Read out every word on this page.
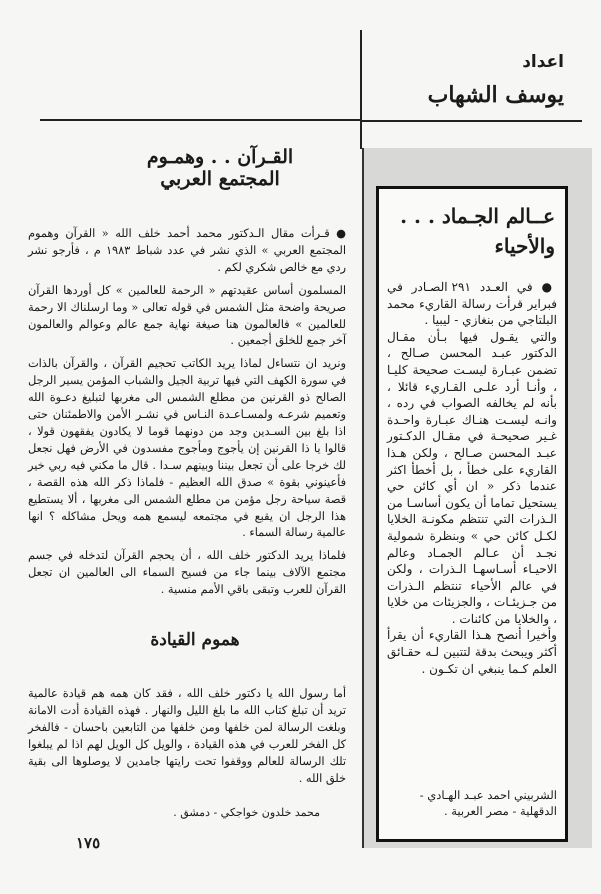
اعداد
يوسف الشهاب
القـرآن . . وهمـوم
المجتمع العربي

● قـرأت مقال الـدكتور محمد أحمد خلف الله « القرآن وهموم المجتمع العربي » الذي نشر في عدد شباط ١٩٨٣ م ، فأرجو نشر ردي مع خالص شكري لكم .

المسلمون أساس عقيدتهم « الرحمة للعالمين » كل أوردها القرآن صريحة واضحة مثل الشمس في قوله تعالى « وما ارسلناك الا رحمة للعالمين » فالعالمون هنا صيغة نهاية جمع عالم وعوالم والعالمون آخر جمع للخلق أجمعين .

ونريد ان نتساءل لماذا يريد الكاتب تحجيم القرآن ، والقرآن بالذات في سورة الكهف التي فيها تربية الجيل والشباب المؤمن يسير الرجل الصالح ذو القرنين من مطلع الشمس الى مغربها لتبليغ دعـوة الله وتعميم شرعـه ولمسـاعـدة النـاس في نشـر الأمن والاطمئنان حتى اذا بلغ بين السـدين وجد من دونهما قوما لا يكادون يفقهون قولا ، قالوا يا ذا القرنين إن يأجوج ومأجوج مفسدون في الأرض فهل نجعل لك خرجا على أن تجعل بيننا وبينهم سـدا . قال ما مكني فيه ربي خير فأعينوني بقوة » صدق الله العظيم - فلماذا ذكر الله هذه القصة ، قصة سياحة رجل مؤمن من مطلع الشمس الى مغربها ، ألا يستطيع هذا الرجل ان يقبع في مجتمعه ليسمع همه ويحل مشاكله ؟ انها عالمية رسالة السماء .

فلماذا يريد الدكتور خلف الله ، أن يحجم القرآن لتدخله في جسم مجتمع الآلاف بينما جاء من فسيح السماء الى العالمين ان تجعل القرآن للعرب وتبقى باقي الأمم منسية .

هموم القيادة
أما رسول الله يا دكتور خلف الله ، فقد كان همه هم قيادة عالمية تريد أن تبلغ كتاب الله ما بلغ الليل والنهار . فهذه القيادة أدت الامانة وبلغت الرسالة لمن خلفها ومن خلفها من التابعين باحسان - فالفخر كل الفخر للعرب في هذه القيادة ، والويل كل الويل لهم اذا لم يبلغوا تلك الرسالة للعالم ووقفوا تحت رايتها جامدين لا يوصلوها الى بقية خلق الله .
محمد خلدون خواجكي - دمشق .
١٧٥
عــالم الجـماد . . .
والأحياء
● في العـدد ٢٩١ الصـادر في فبراير قرأت رسالة القاريء محمد البلتاجي من بنغازي - ليبيا .
والتي يقـول فيها بـأن مقـال الدكتور عبـد المحسن صـالح ، تضمن عبـارة ليسـت صحيحة كليـا ، وأنـا أرد علـى القـاريء قائلا ، بأنه لم يخالفه الصواب في رده ، وانـه ليسـت هنـاك عبـارة واحـدة غـير صحيحـة في مقـال الدكـتور عبـد المحسن صـالح ، ولكن هـذا القاريء على خطأ ، بل أخطأ اكثر عندما ذكر « ان أي كائن حي يستحيل تماما أن يكون أساسـا من الـذرات التي تنتظم مكونـة الخلايا لكـل كائن حي » وبنظرة شمولية نجـد أن عـالم الجمـاد وعالم الاحيـاء أسـاسهـا الـذرات ، ولكن في عالم الأحياء تنتظم الـذرات من جـزيئـات ، والجزيئات من خلايا ، والخلايا من كائنات .
وأخيرا أنصح هـذا القاريء أن يقرأ أكثر ويبحث بدقة لتتبين لـه حقـائق العلم كـما ينبغي ان تكـون .
الشربيني احمد عبـد الهـادي -
الدقهلية - مصر العربية .
